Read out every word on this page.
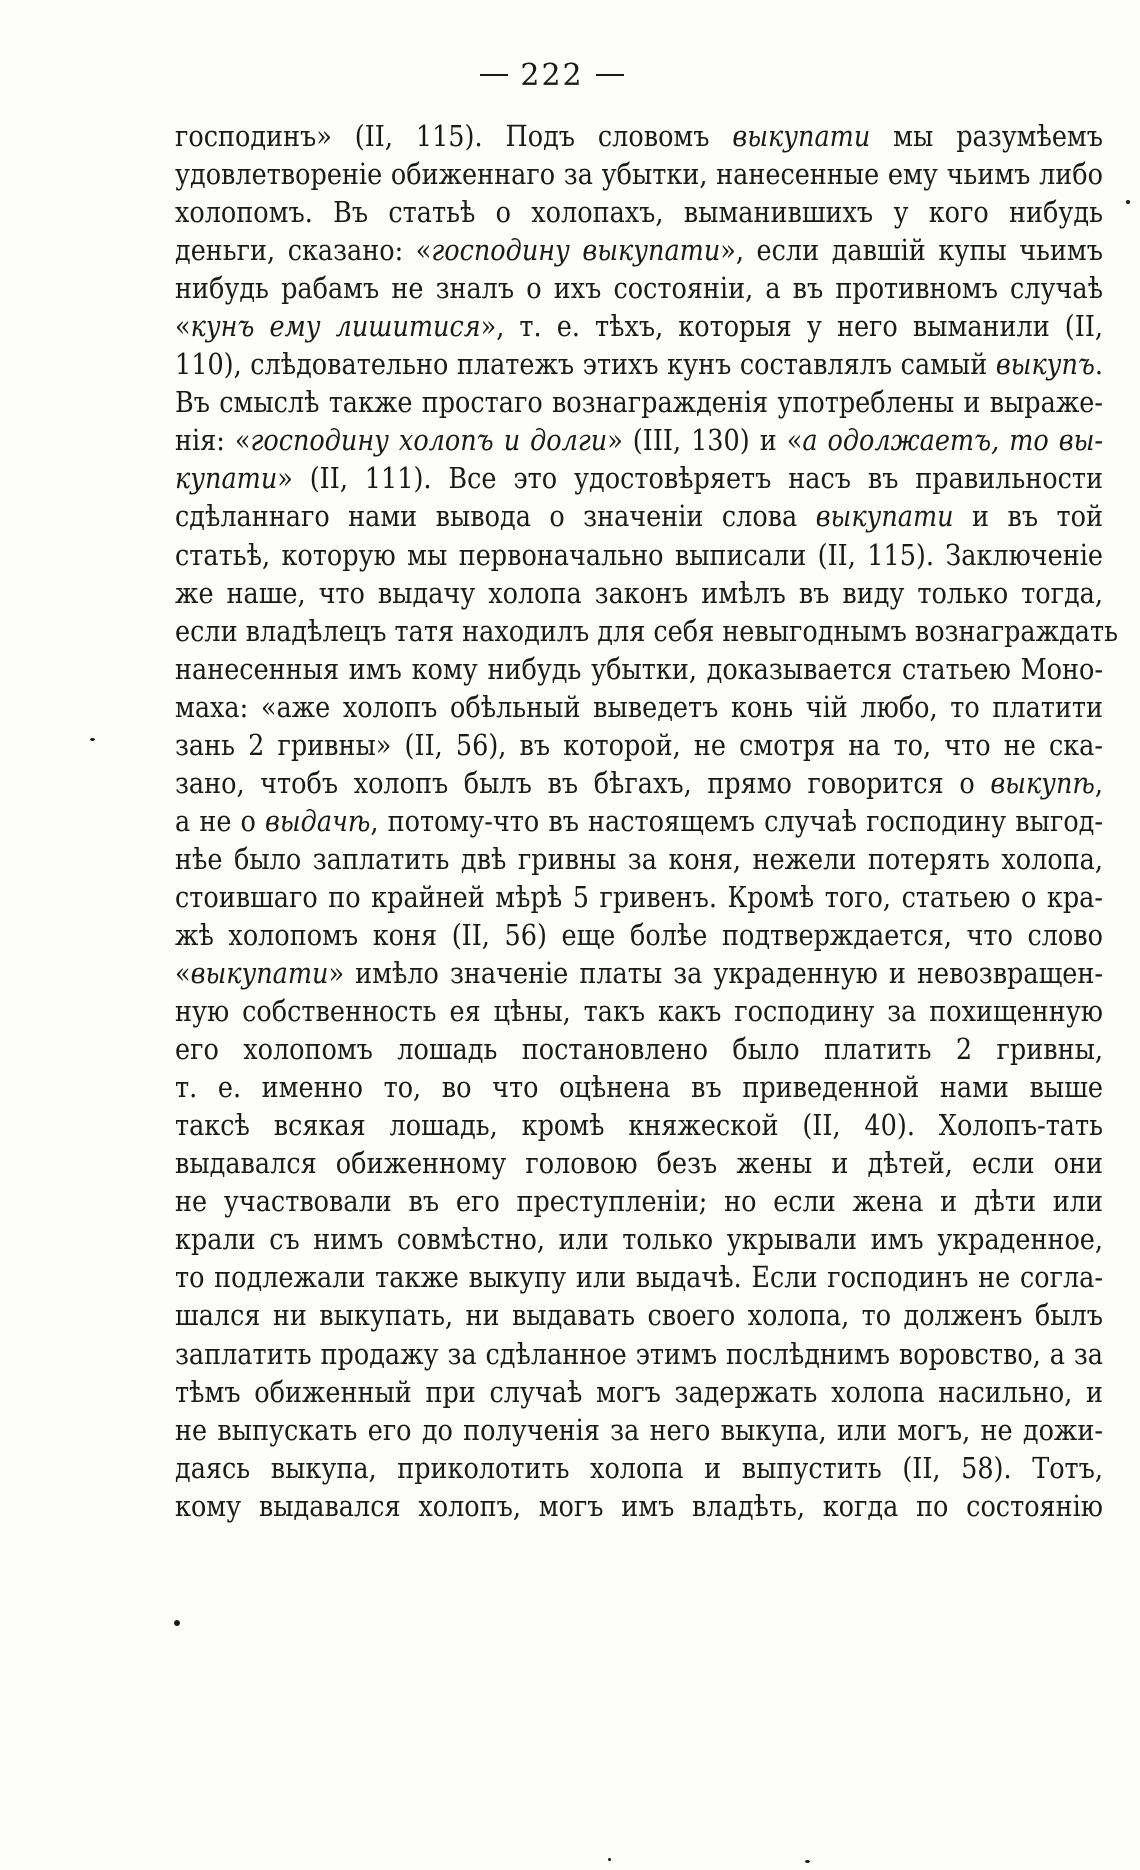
222
господинъ» (II, 115). Подъ словомъ выкупати мы разумѣемъ
удовлетвореніе обиженнаго за убытки, нанесенные ему чьимъ либо
холопомъ. Въ статьѣ о холопахъ, выманившихъ у кого нибудь
деньги, сказано: «господину выкупати», если давшій купы чьимъ
нибудь рабамъ не зналъ о ихъ состояніи, а въ противномъ случаѣ
«кунъ ему лишитися», т. е. тѣхъ, которыя у него выманили (II,
110), слѣдовательно платежъ этихъ кунъ составлялъ самый выкупъ.
Въ смыслѣ также простаго вознагражденія употреблены и выраже-
нія: «господину холопъ и долги» (III, 130) и «а одолжаетъ, то вы-
купати» (II, 111). Все это удостовѣряетъ насъ въ правильности
сдѣланнаго нами вывода о значеніи слова выкупати и въ той
статьѣ, которую мы первоначально выписали (II, 115). Заключеніе
же наше, что выдачу холопа законъ имѣлъ въ виду только тогда,
если владѣлецъ татя находилъ для себя невыгоднымъ вознаграждать
нанесенныя имъ кому нибудь убытки, доказывается статьею Моно-
маха: «аже холопъ обѣльный выведетъ конь чій любо, то платити
зань 2 гривны» (II, 56), въ которой, не смотря на то, что не ска-
зано, чтобъ холопъ былъ въ бѣгахъ, прямо говорится о выкупѣ,
а не о выдачѣ, потому-что въ настоящемъ случаѣ господину выгод-
нѣе было заплатить двѣ гривны за коня, нежели потерять холопа,
стоившаго по крайней мѣрѣ 5 гривенъ. Кромѣ того, статьею о кра-
жѣ холопомъ коня (II, 56) еще болѣе подтверждается, что слово
«выкупати» имѣло значеніе платы за украденную и невозвращен-
ную собственность ея цѣны, такъ какъ господину за похищенную
его холопомъ лошадь постановлено было платить 2 гривны,
т. е. именно то, во что оцѣнена въ приведенной нами выше
таксѣ всякая лошадь, кромѣ княжеской (II, 40). Холопъ-тать
выдавался обиженному головою безъ жены и дѣтей, если они
не участвовали въ его преступленіи; но если жена и дѣти или
крали съ нимъ совмѣстно, или только укрывали имъ украденное,
то подлежали также выкупу или выдачѣ. Если господинъ не согла-
шался ни выкупать, ни выдавать своего холопа, то долженъ былъ
заплатить продажу за сдѣланное этимъ послѣднимъ воровство, а за
тѣмъ обиженный при случаѣ могъ задержать холопа насильно, и
не выпускать его до полученія за него выкупа, или могъ, не дожи-
даясь выкупа, приколотить холопа и выпустить (II, 58). Тотъ,
кому выдавался холопъ, могъ имъ владѣть, когда по состоянію
